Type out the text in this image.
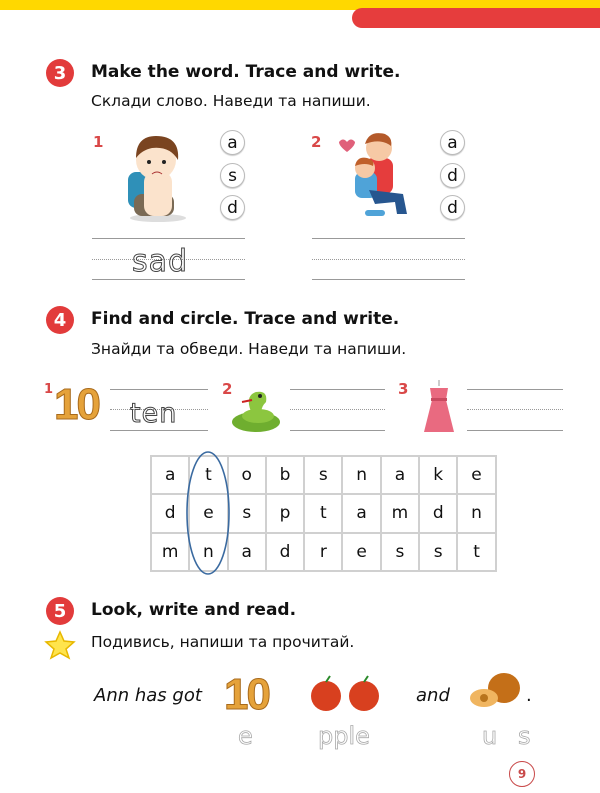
3	Make the word. Trace and write.
Склади слово. Наведи та напиши.
1	a
s
d
sad
2	a
d
d
4	Find and circle. Trace and write.
Знайди та обведи. Наведи та напиши.
1 10 ten
2	3
a	t	o	b	s	n	a	k	e
d	e	s	p	t	a	m	d	n
m	n	a	d	r	e	s	s	t
5	Look, write and read.
Подивись, напиши та прочитай.
Ann has got 10	and	.
e	pple	u s
9
